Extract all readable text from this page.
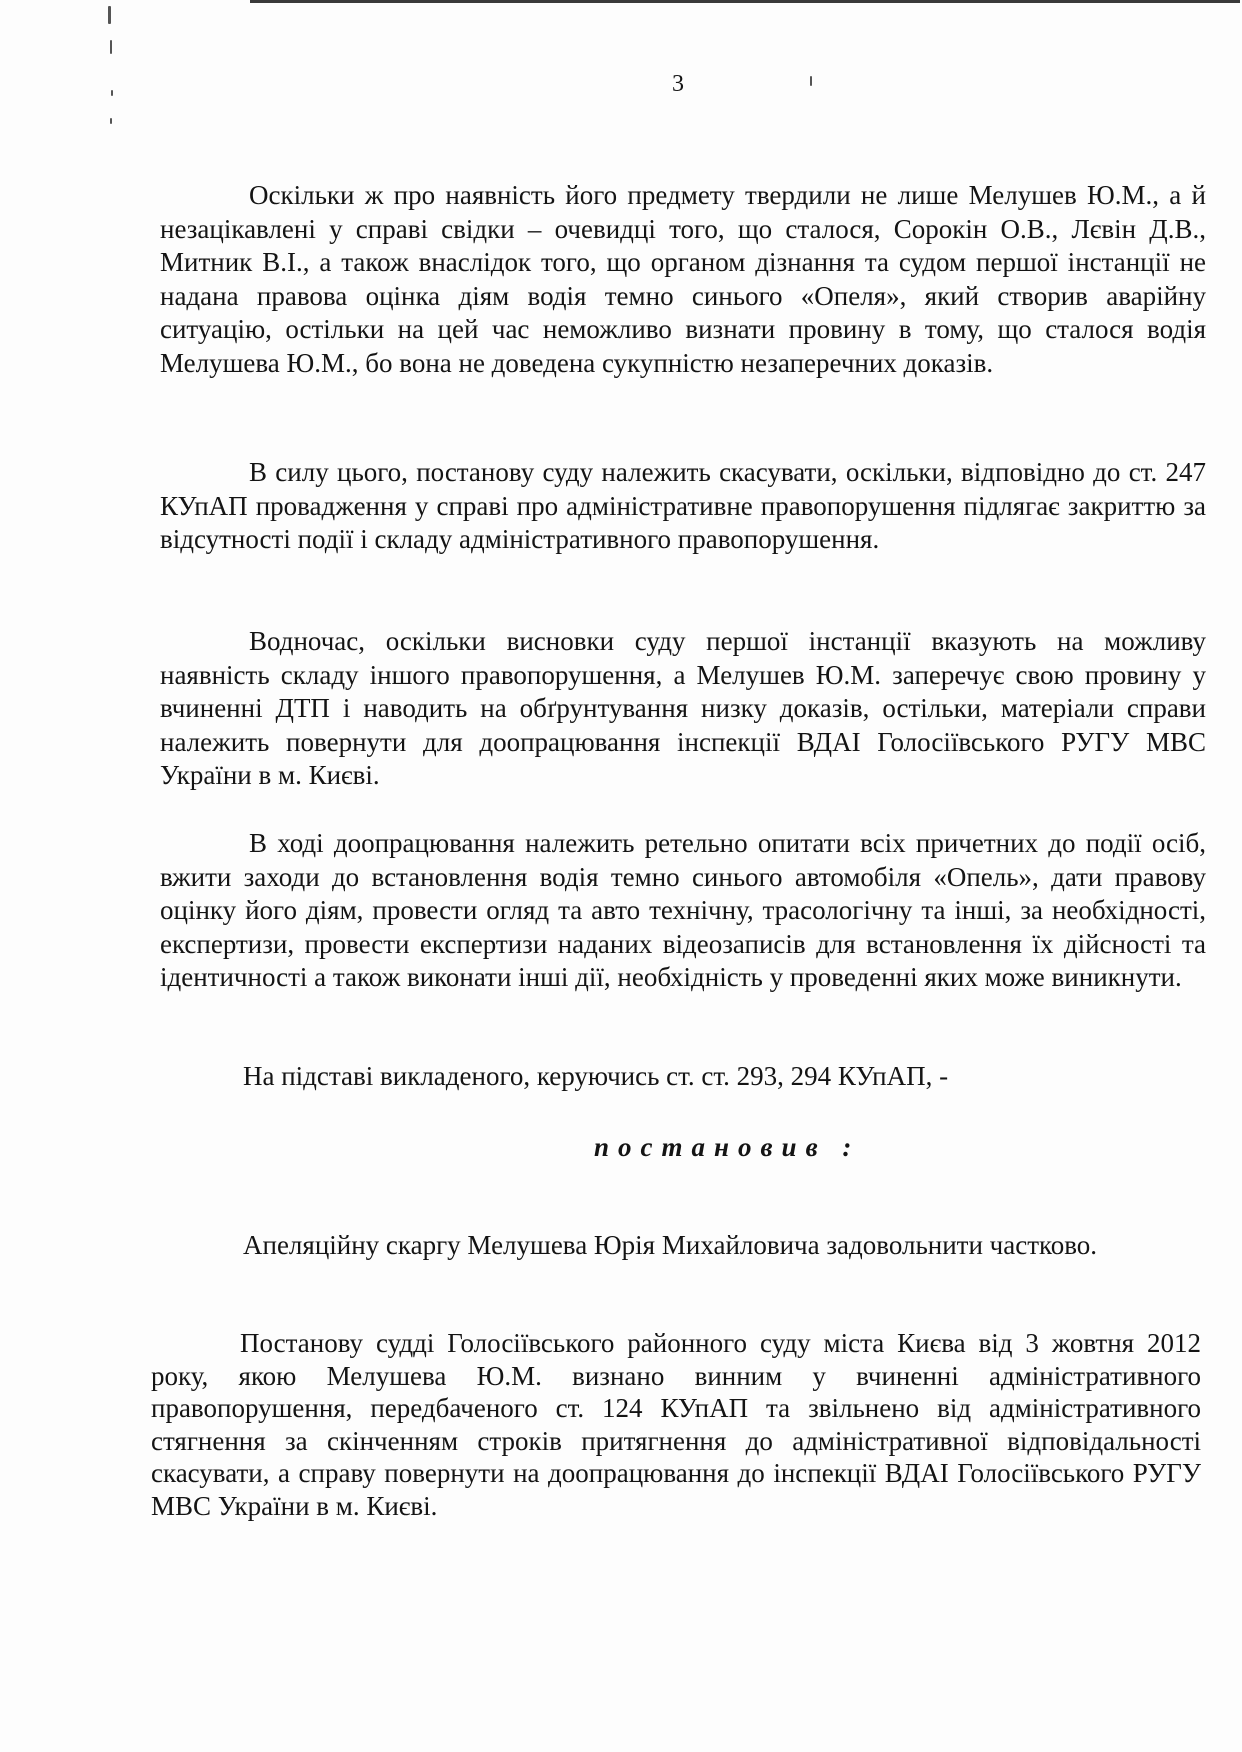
3

Оскільки ж про наявність його предмету твердили не лише Мелушев Ю.М., а й незацікавлені у справі свідки – очевидці того, що сталося, Сорокін О.В., Лєвін Д.В., Митник В.І., а також внаслідок того, що органом дізнання та судом першої інстанції не надана правова оцінка діям водія темно синього «Опеля», який створив аварійну ситуацію, остільки на цей час неможливо визнати провину в тому, що сталося водія Мелушева Ю.М., бо вона не доведена сукупністю незаперечних доказів.

В силу цього, постанову суду належить скасувати, оскільки, відповідно до ст. 247 КУпАП провадження у справі про адміністративне правопорушення підлягає закриттю за відсутності події і складу адміністративного правопорушення.

Водночас, оскільки висновки суду першої інстанції вказують на можливу наявність складу іншого правопорушення, а Мелушев Ю.М. заперечує свою провину у вчиненні ДТП і наводить на обґрунтування низку доказів, остільки, матеріали справи належить повернути для доопрацювання інспекції ВДАІ Голосіївського РУГУ МВС України в м. Києві.

В ході доопрацювання належить ретельно опитати всіх причетних до події осіб, вжити заходи до встановлення водія темно синього автомобіля «Опель», дати правову оцінку його діям, провести огляд та авто технічну, трасологічну та інші, за необхідності, експертизи, провести експертизи наданих відеозаписів для встановлення їх дійсності та ідентичності а також виконати інші дії, необхідність у проведенні яких може виникнути.

На підставі викладеного, керуючись ст. ст. 293, 294 КУпАП, -

постановив :

Апеляційну скаргу Мелушева Юрія Михайловича задовольнити частково.

Постанову судді Голосіївського районного суду міста Києва від 3 жовтня 2012 року, якою Мелушева Ю.М. визнано винним у вчиненні адміністративного правопорушення, передбаченого ст. 124 КУпАП та звільнено від адміністративного стягнення за скінченням строків притягнення до адміністративної відповідальності скасувати, а справу повернути на доопрацювання до інспекції ВДАІ Голосіївського РУГУ МВС України в м. Києві.
